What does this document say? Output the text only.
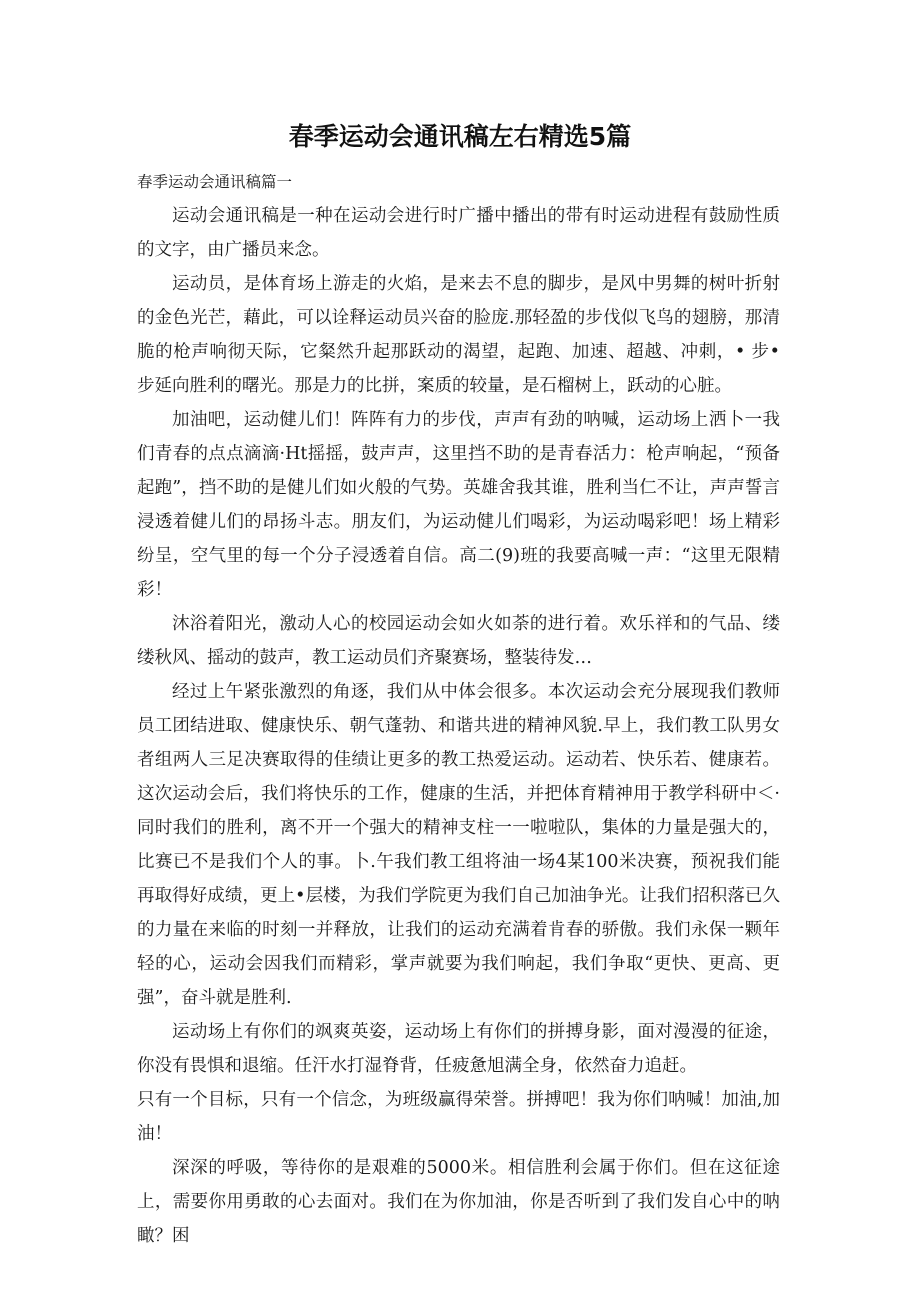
春季运动会通讯稿左右精选5篇

春季运动会通讯稿篇一

运动会通讯稿是一种在运动会进行时广播中播出的带有时运动进程有鼓励性质的文字，由广播员来念。

运动员，是体育场上游走的火焰，是来去不息的脚步，是风中男舞的树叶折射的金色光芒，藉此，可以诠释运动员兴奋的脸庞.那轻盈的步伐似飞鸟的翅膀，那清脆的枪声响彻天际，它粲然升起那跃动的渴望，起跑、加速、超越、冲刺，• 步• 步延向胜利的曙光。那是力的比拼，案质的较量，是石榴树上，跃动的心脏。

加油吧，运动健儿们！阵阵有力的步伐，声声有劲的呐喊，运动场上洒卜一我们青春的点点滴滴·Ht摇摇，鼓声声，这里挡不助的是青春活力：枪声响起，“预备起跑”，挡不助的是健儿们如火般的气势。英雄舍我其谁，胜利当仁不让，声声誓言浸透着健儿们的昂扬斗志。朋友们，为运动健儿们喝彩，为运动喝彩吧！场上精彩纷呈，空气里的每一个分子浸透着自信。高二(9)班的我要高喊一声：“这里无限精彩！

沐浴着阳光，激动人心的校园运动会如火如荼的进行着。欢乐祥和的气品、缕缕秋风、摇动的鼓声，教工运动员们齐聚赛场，整装待发…

经过上午紧张激烈的角逐，我们从中体会很多。本次运动会充分展现我们教师员工团结进取、健康快乐、朝气蓬勃、和谐共进的精神风貌.早上，我们教工队男女者组两人三足决赛取得的佳绩让更多的教工热爱运动。运动若、快乐若、健康若。这次运动会后，我们将快乐的工作，健康的生活，并把体育精神用于教学科研中＜·同时我们的胜利，离不开一个强大的精神支柱一一啦啦队，集体的力量是强大的，比赛已不是我们个人的事。卜.午我们教工组将油一场4某100米决赛，预祝我们能再取得好成绩，更上•层楼，为我们学院更为我们自己加油争光。让我们招积落已久的力量在来临的时刻一并释放，让我们的运动充满着肯春的骄傲。我们永保一颗年轻的心，运动会因我们而精彩，掌声就要为我们响起，我们争取“更快、更高、更强”，奋斗就是胜利.

运动场上有你们的飒爽英姿，运动场上有你们的拼搏身影，面对漫漫的征途，你没有畏惧和退缩。任汗水打湿脊背，任疲惫旭满全身，依然奋力追赶。

只有一个目标，只有一个信念，为班级赢得荣誉。拼搏吧！我为你们呐喊！加油,加油！

深深的呼吸，等待你的是艰难的5000米。相信胜利会属于你们。但在这征途上，需要你用勇敢的心去面对。我们在为你加油，你是否听到了我们发自心中的呐瞰？困
